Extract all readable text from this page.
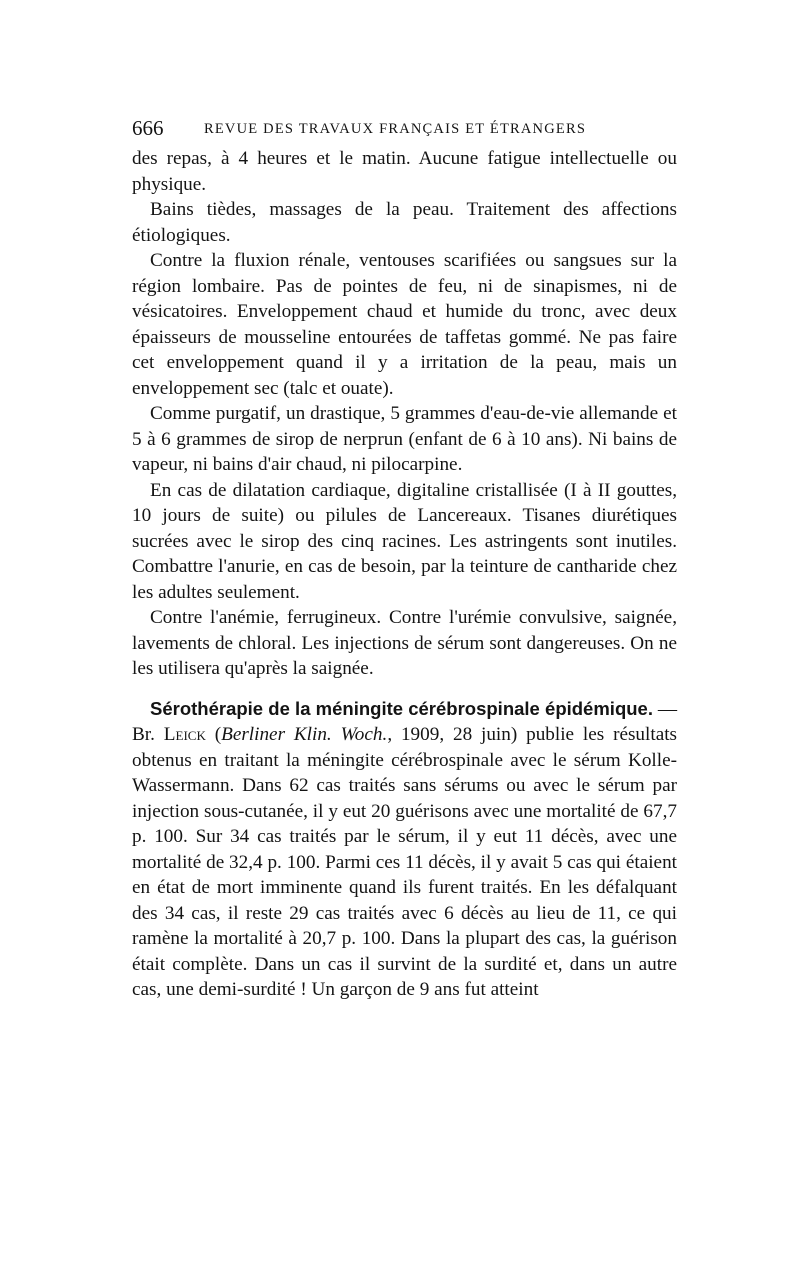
666	REVUE DES TRAVAUX FRANÇAIS ET ÉTRANGERS

des repas, à 4 heures et le matin. Aucune fatigue intellectuelle ou physique.

Bains tièdes, massages de la peau. Traitement des affections étiologiques.

Contre la fluxion rénale, ventouses scarifiées ou sangsues sur la région lombaire. Pas de pointes de feu, ni de sinapismes, ni de vésicatoires. Enveloppement chaud et humide du tronc, avec deux épaisseurs de mousseline entourées de taffetas gommé. Ne pas faire cet enveloppement quand il y a irritation de la peau, mais un enveloppement sec (talc et ouate).

Comme purgatif, un drastique, 5 grammes d'eau-de-vie allemande et 5 à 6 grammes de sirop de nerprun (enfant de 6 à 10 ans). Ni bains de vapeur, ni bains d'air chaud, ni pilocarpine.

En cas de dilatation cardiaque, digitaline cristallisée (I à II gouttes, 10 jours de suite) ou pilules de Lancereaux. Tisanes diurétiques sucrées avec le sirop des cinq racines. Les astringents sont inutiles. Combattre l'anurie, en cas de besoin, par la teinture de cantharide chez les adultes seulement.

Contre l'anémie, ferrugineux. Contre l'urémie convulsive, saignée, lavements de chloral. Les injections de sérum sont dangereuses. On ne les utilisera qu'après la saignée.

Sérothérapie de la méningite cérébrospinale épidémique. — Br. Leick (Berliner Klin. Woch., 1909, 28 juin) publie les résultats obtenus en traitant la méningite cérébrospinale avec le sérum Kolle-Wassermann. Dans 62 cas traités sans sérums ou avec le sérum par injection sous-cutanée, il y eut 20 guérisons avec une mortalité de 67,7 p. 100. Sur 34 cas traités par le sérum, il y eut 11 décès, avec une mortalité de 32,4 p. 100. Parmi ces 11 décès, il y avait 5 cas qui étaient en état de mort imminente quand ils furent traités. En les défalquant des 34 cas, il reste 29 cas traités avec 6 décès au lieu de 11, ce qui ramène la mortalité à 20,7 p. 100. Dans la plupart des cas, la guérison était complète. Dans un cas il survint de la surdité et, dans un autre cas, une demi-surdité ! Un garçon de 9 ans fut atteint
